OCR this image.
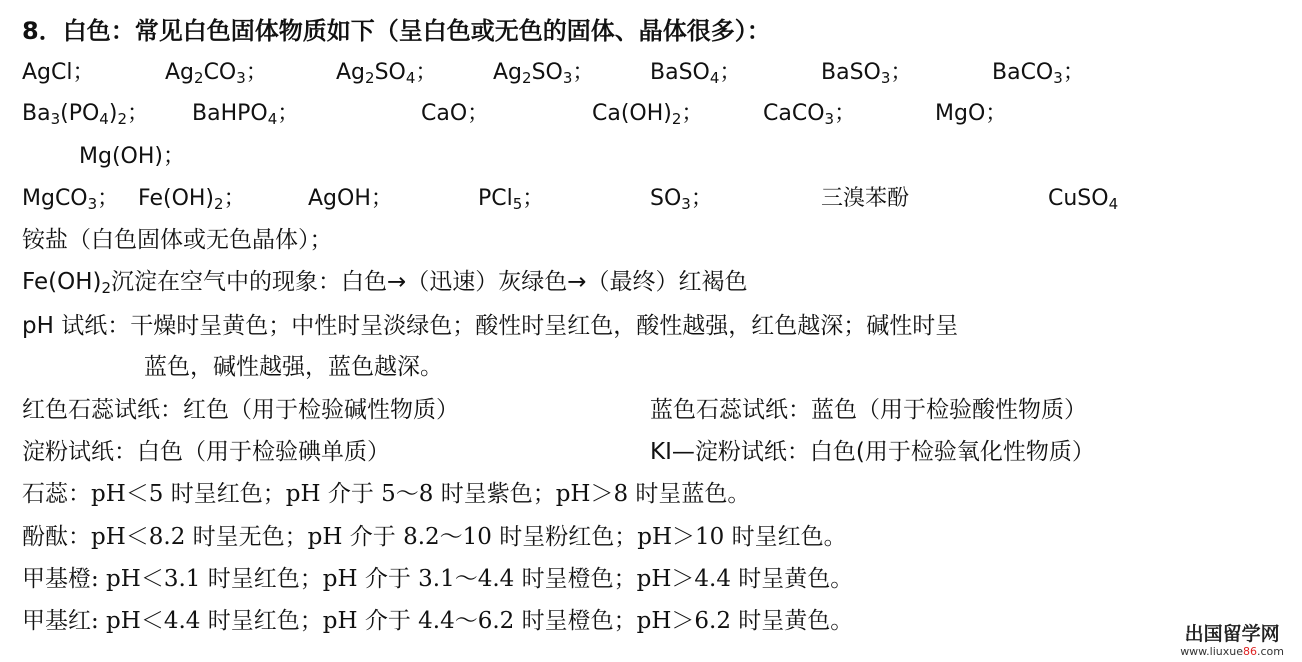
8．白色：常见白色固体物质如下（呈白色或无色的固体、晶体很多）：
AgCl；	$Ag_2CO_3$；	$Ag_2SO_4$；	$Ag_2SO_3$；	BaSO$_4$；	BaSO$_3$；	BaCO$_3$；
$Ba_3(PO_4)_2$； BaHPO$_4$；	CaO；	$Ca(OH)_2$；	CaCO$_3$；	MgO；
Mg(OH)；
MgCO$_3$； $Fe(OH)_2$；	AgOH；	PCl$_5$；	$SO_3$；	三溴苯酚	CuSO$_4$
铵盐（白色固体或无色晶体）；
$Fe(OH)_2$沉淀在空气中的现象：白色→（迅速）灰绿色→（最终）红褐色
pH 试纸：干燥时呈黄色；中性时呈淡绿色；酸性时呈红色，酸性越强，红色越深；碱性时呈
蓝色，碱性越强，蓝色越深。
红色石蕊试纸：红色（用于检验碱性物质）	蓝色石蕊试纸：蓝色（用于检验酸性物质）
淀粉试纸：白色（用于检验碘单质）	KI—淀粉试纸：白色(用于检验氧化性物质）
石蕊：pH＜5 时呈红色；pH 介于 5～8 时呈紫色；pH＞8 时呈蓝色。
酚酞：pH＜8.2 时呈无色；pH 介于 8.2～10 时呈粉红色；pH＞10 时呈红色。
甲基橙: pH＜3.1 时呈红色；pH 介于 3.1～4.4 时呈橙色；pH＞4.4 时呈黄色。
甲基红: pH＜4.4 时呈红色；pH 介于 4.4～6.2 时呈橙色；pH＞6.2 时呈黄色。	出国留学网
www.liuxue86.com
